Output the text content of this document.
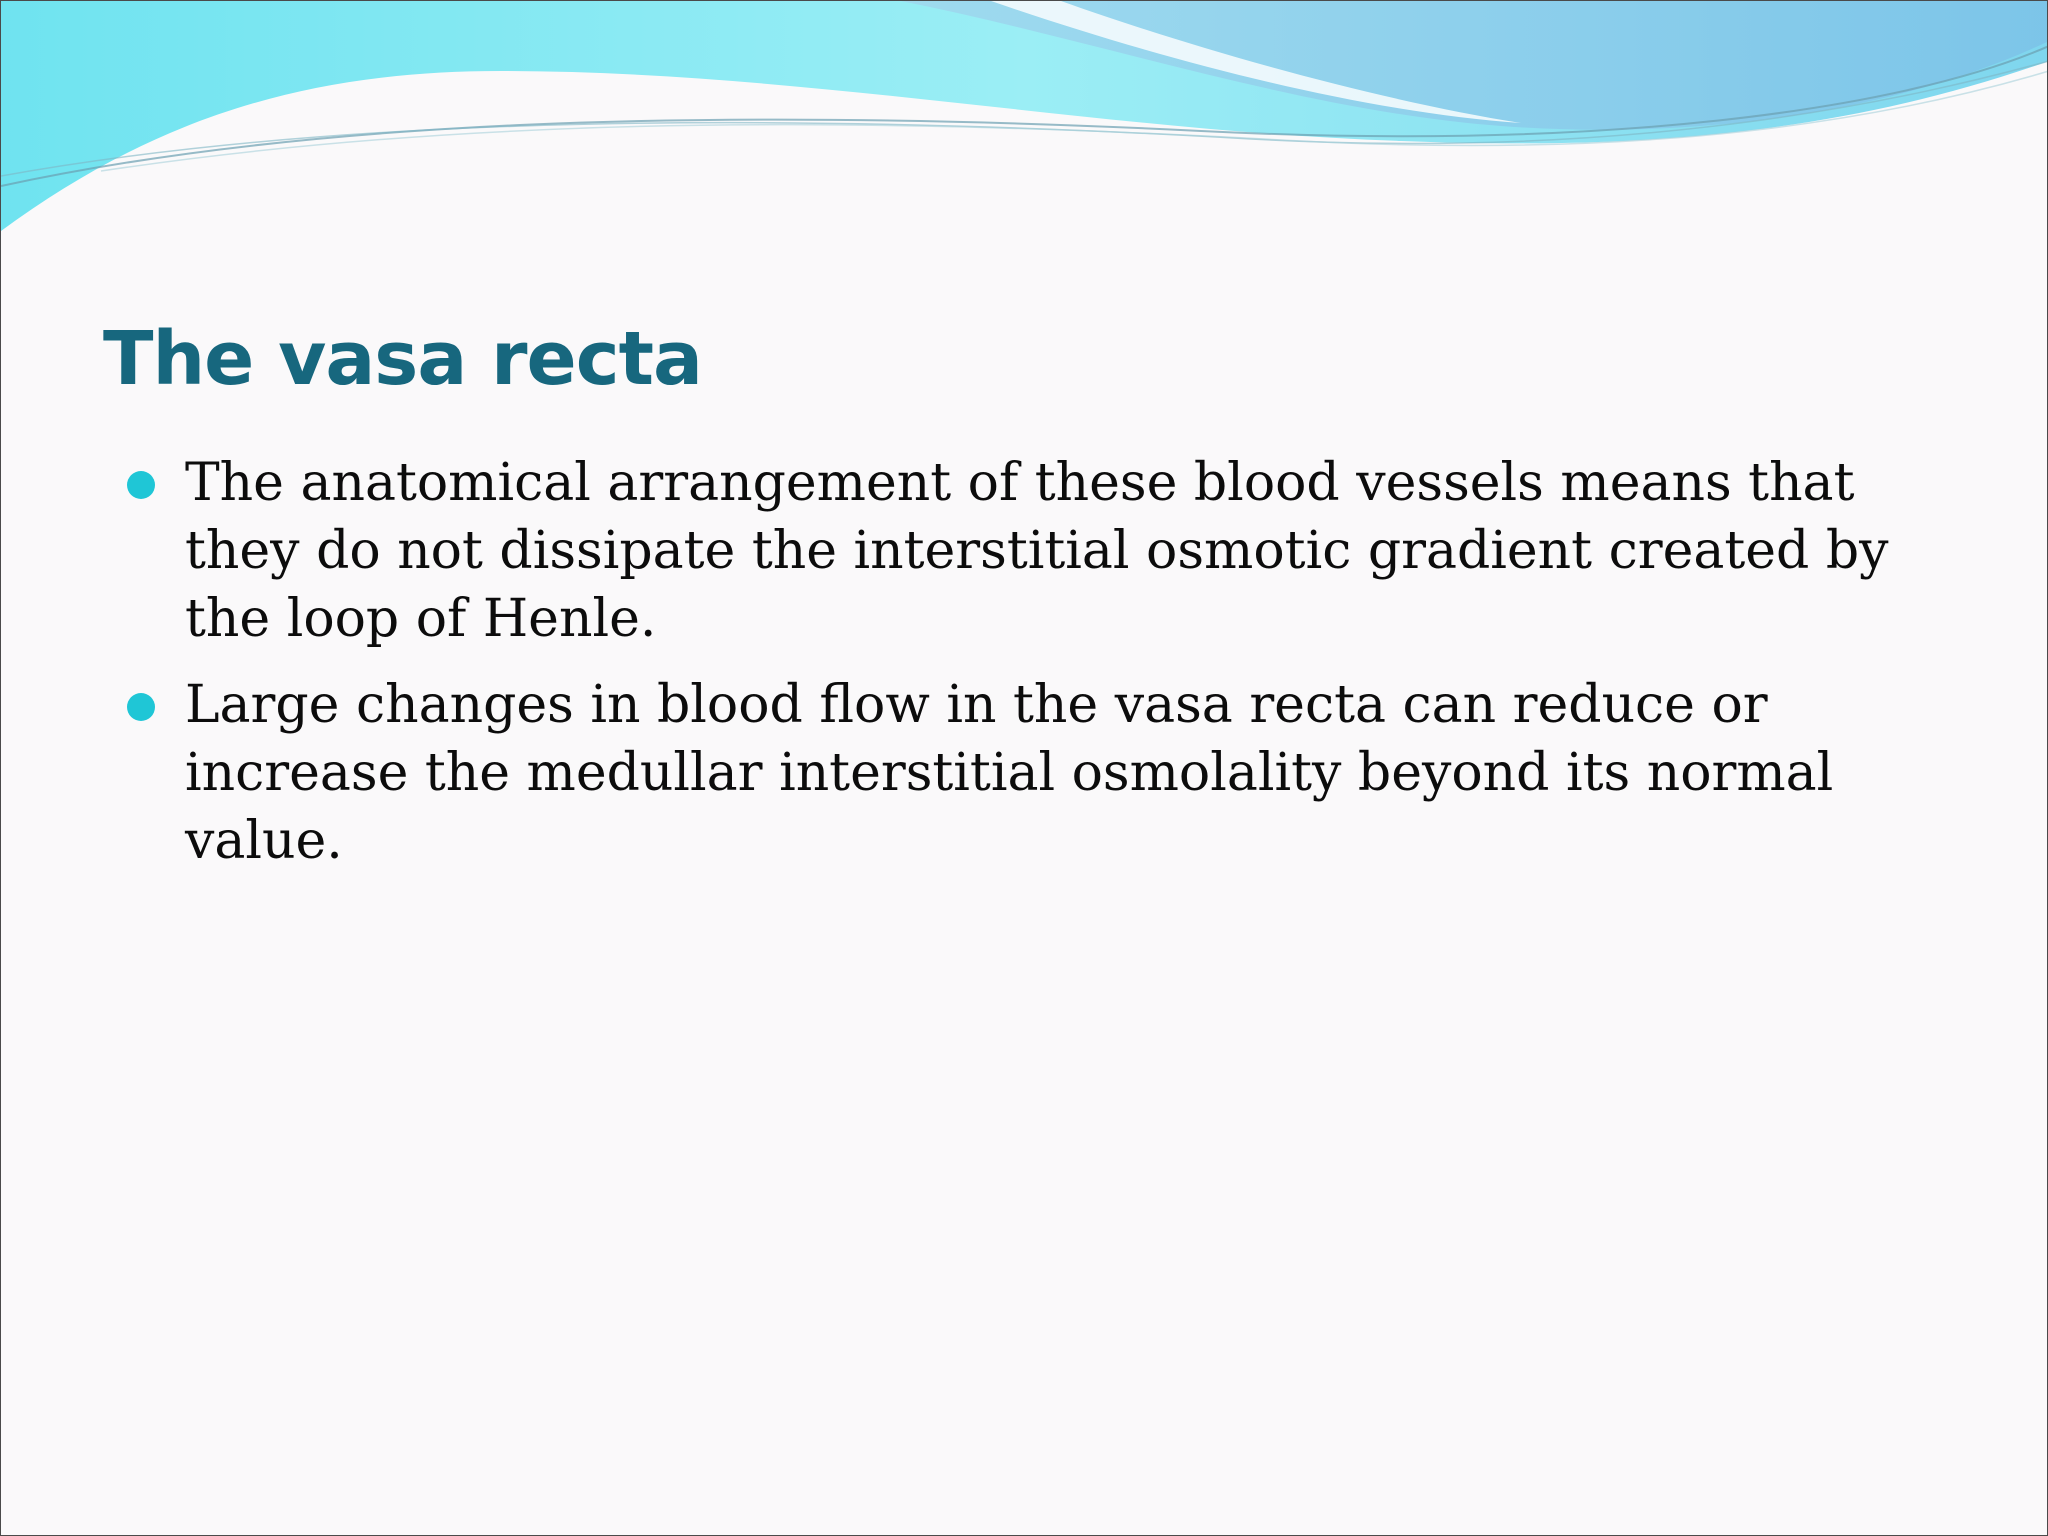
The vasa recta
The anatomical arrangement of these blood vessels means that they do not dissipate the interstitial osmotic gradient created by the loop of Henle.
Large changes in blood flow in the vasa recta can reduce or increase the medullar interstitial osmolality beyond its normal value.
